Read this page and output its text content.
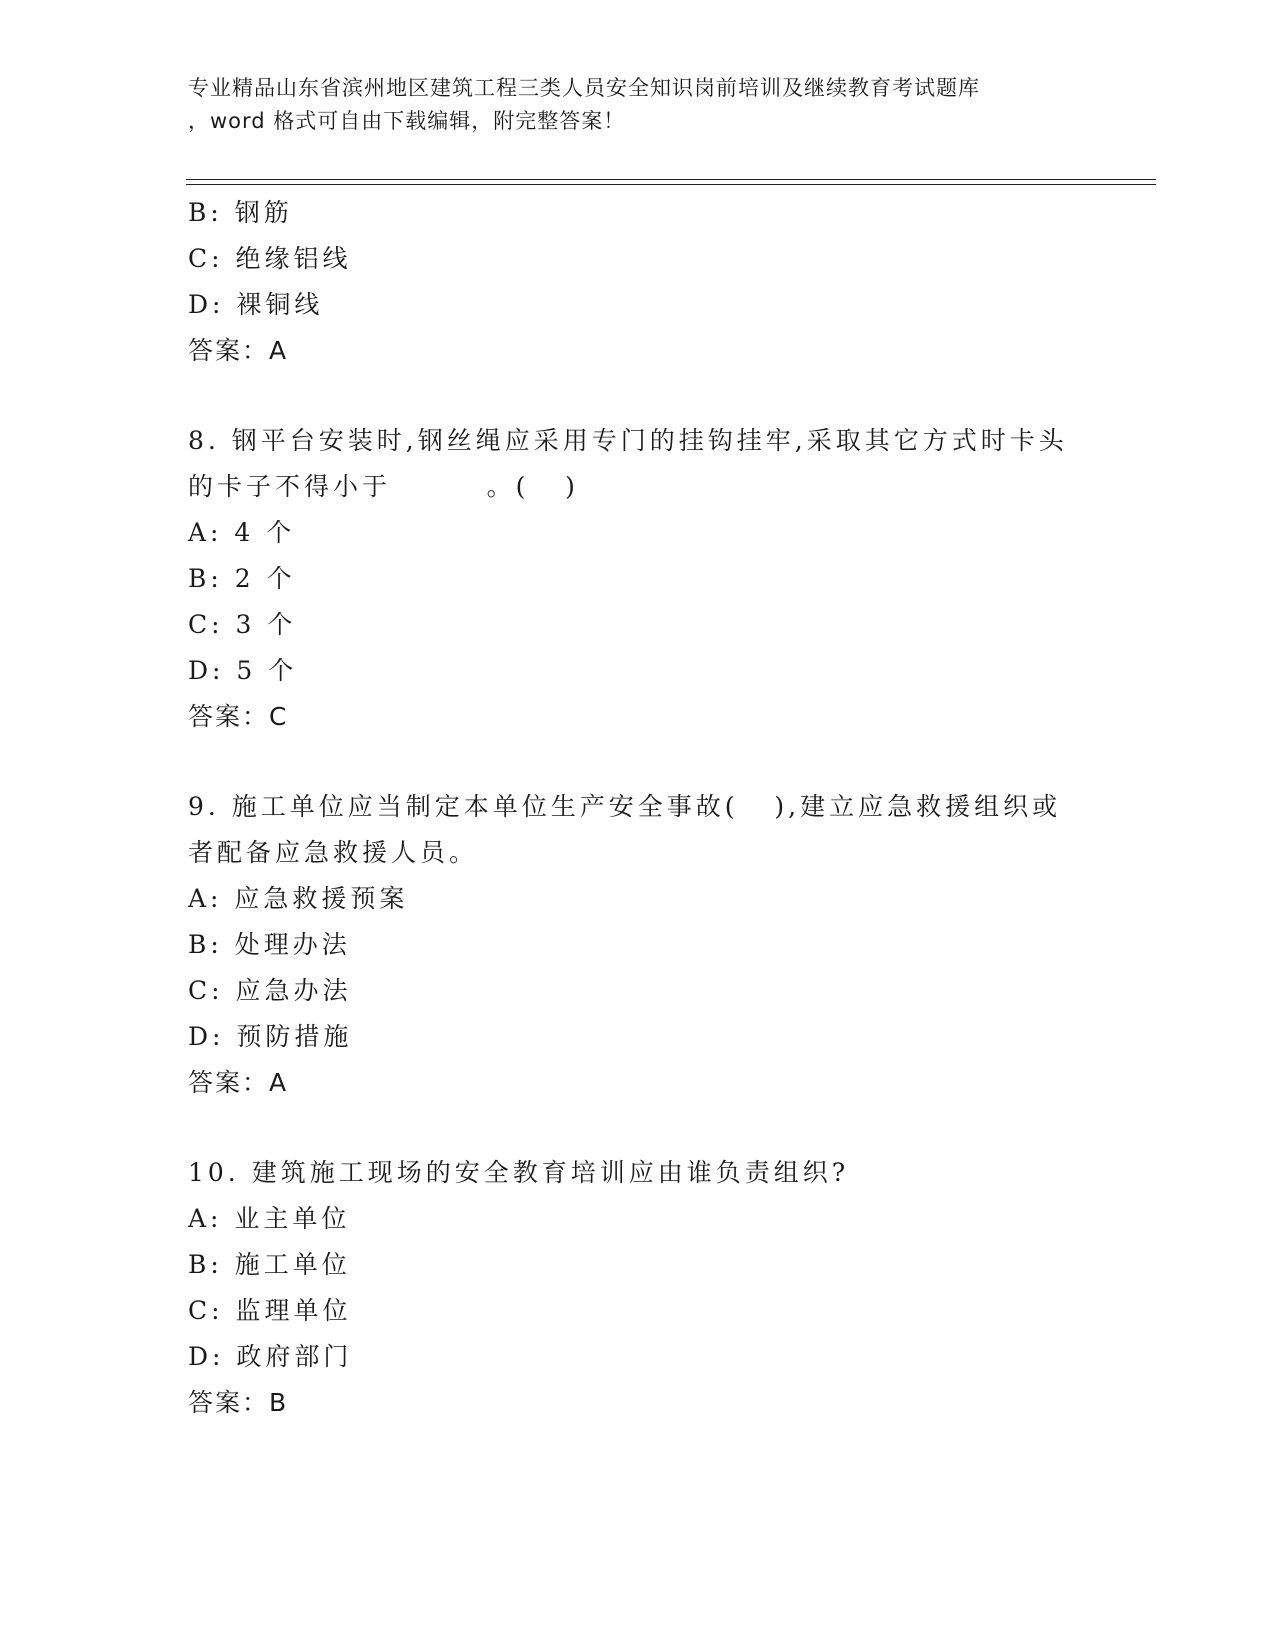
专业精品山东省滨州地区建筑工程三类人员安全知识岗前培训及继续教育考试题库
，word 格式可自由下载编辑，附完整答案！
B: 钢筋
C: 绝缘铝线
D: 裸铜线
答案：A
8. 钢平台安装时,钢丝绳应采用专门的挂钩挂牢,采取其它方式时卡头
的卡子不得小于        。(   )
A: 4 个
B: 2 个
C: 3 个
D: 5 个
答案：C
9. 施工单位应当制定本单位生产安全事故(   ),建立应急救援组织或
者配备应急救援人员。
A: 应急救援预案
B: 处理办法
C: 应急办法
D: 预防措施
答案：A
10. 建筑施工现场的安全教育培训应由谁负责组织?
A: 业主单位
B: 施工单位
C: 监理单位
D: 政府部门
答案：B
